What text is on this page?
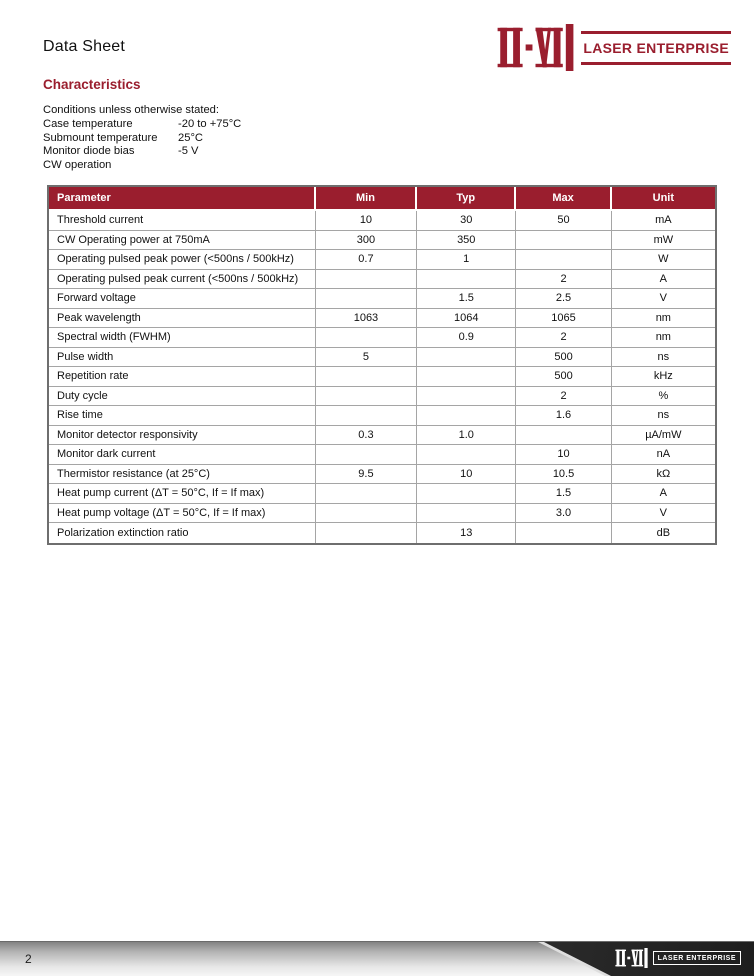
Data Sheet	LASER ENTERPRISE
Characteristics
Conditions unless otherwise stated:
Case temperature	-20 to +75°C
Submount temperature	25°C
Monitor diode bias	-5 V
CW operation
Parameter	Min	Typ	Max	Unit
Threshold current	10	30	50	mA
CW Operating power at 750mA	300	350		mW
Operating pulsed peak power (<500ns / 500kHz)	0.7	1		W
Operating pulsed peak current (<500ns / 500kHz)			2	A
Forward voltage		1.5	2.5	V
Peak wavelength	1063	1064	1065	nm
Spectral width (FWHM)		0.9	2	nm
Pulse width	5		500	ns
Repetition rate			500	kHz
Duty cycle			2	%
Rise time			1.6	ns
Monitor detector responsivity	0.3	1.0		µA/mW
Monitor dark current			10	nA
Thermistor resistance (at 25°C)	9.5	10	10.5	kΩ
Heat pump current (ΔT = 50°C, If = If max)			1.5	A
Heat pump voltage (ΔT = 50°C, If = If max)			3.0	V
Polarization extinction ratio		13		dB
2	LASER ENTERPRISE
